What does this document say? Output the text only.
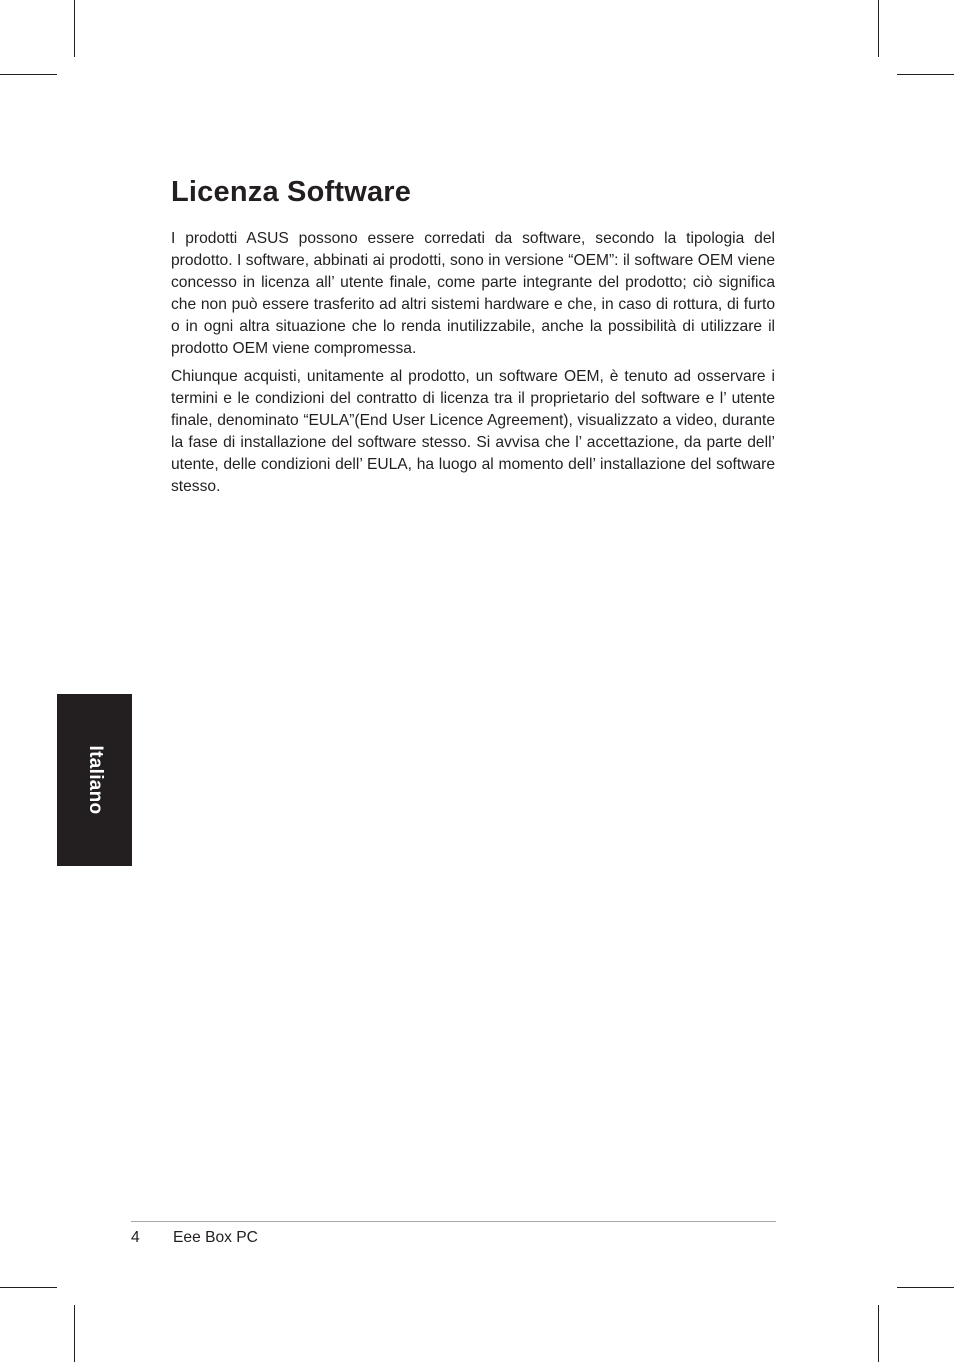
Licenza Software

I prodotti ASUS possono essere corredati da software, secondo la tipologia del prodotto. I software, abbinati ai prodotti, sono in versione “OEM”: il software OEM viene concesso in licenza all’ utente finale, come parte integrante del prodotto; ciò significa che non può essere trasferito ad altri sistemi hardware e che, in caso di rottura, di furto o in ogni altra situazione che lo renda inutilizzabile, anche la possibilità di utilizzare il prodotto OEM viene compromessa.

Chiunque acquisti, unitamente al prodotto, un software OEM, è tenuto ad osservare i termini e le condizioni del contratto di licenza tra il proprietario del software e l’ utente finale, denominato “EULA”(End User Licence Agreement), visualizzato a video, durante la fase di installazione del software stesso. Si avvisa che l’ accettazione, da parte dell’ utente, delle condizioni dell’ EULA, ha luogo al momento dell’ installazione del software stesso.

Italiano
4 Eee Box PC
